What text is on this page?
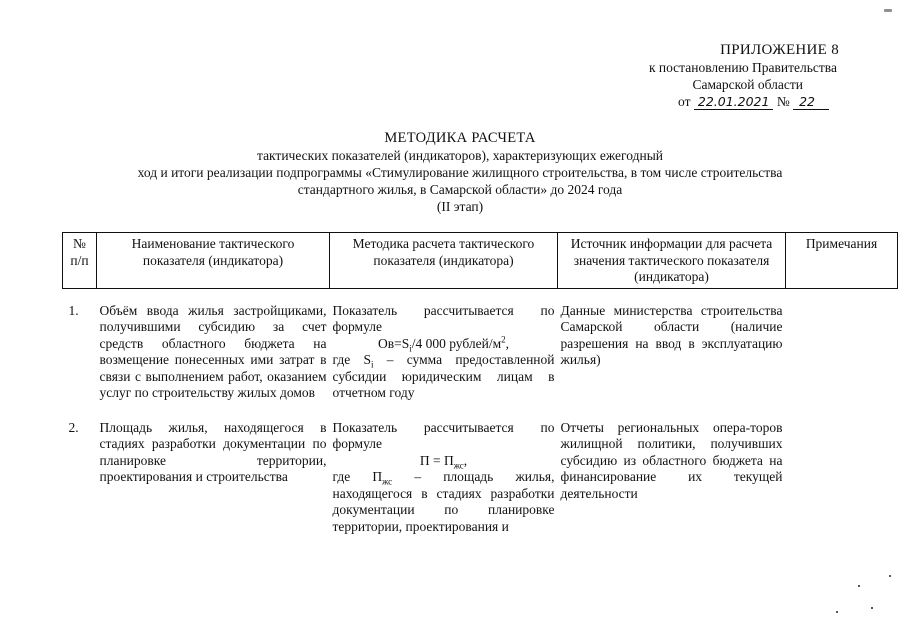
ПРИЛОЖЕНИЕ 8
к постановлению Правительства
Самарской области
от 22.01.2021 № 22
МЕТОДИКА РАСЧЕТА
тактических показателей (индикаторов), характеризующих ежегодный
ход и итоги реализации подпрограммы «Стимулирование жилищного строительства, в том числе строительства
стандартного жилья, в Самарской области» до 2024 года
(II этап)
№ п/п	Наименование тактического показателя (индикатора)	Методика расчета тактического показателя (индикатора)	Источник информации для расчета значения тактического показателя (индикатора)	Примечания

1.	Объём ввода жилья застройщиками, получившими субсидию за счет средств областного бюджета на возмещение понесенных ими затрат в связи с выполнением работ, оказанием услуг по строительству жилых домов	Показатель рассчитывается по формуле
$Ов=S_i/4$ 000 рублей/$м^2$,
где $S_i$ – сумма предоставленной субсидии юридическим лицам в отчетном году	Данные министерства строительства Самарской области (наличие разрешения на ввод в эксплуатацию жилья)	

2.	Площадь жилья, находящегося в стадиях разработки документации по планировке территории, проектирования и строительства	Показатель рассчитывается по формуле
$П = П_{жс}$,
где $П_{жс}$ – площадь жилья, находящегося в стадиях разработки документации по планировке территории, проектирования и	Отчеты региональных опера-торов жилищной политики, получивших субсидию из областного бюджета на финансирование их текущей деятельности	
